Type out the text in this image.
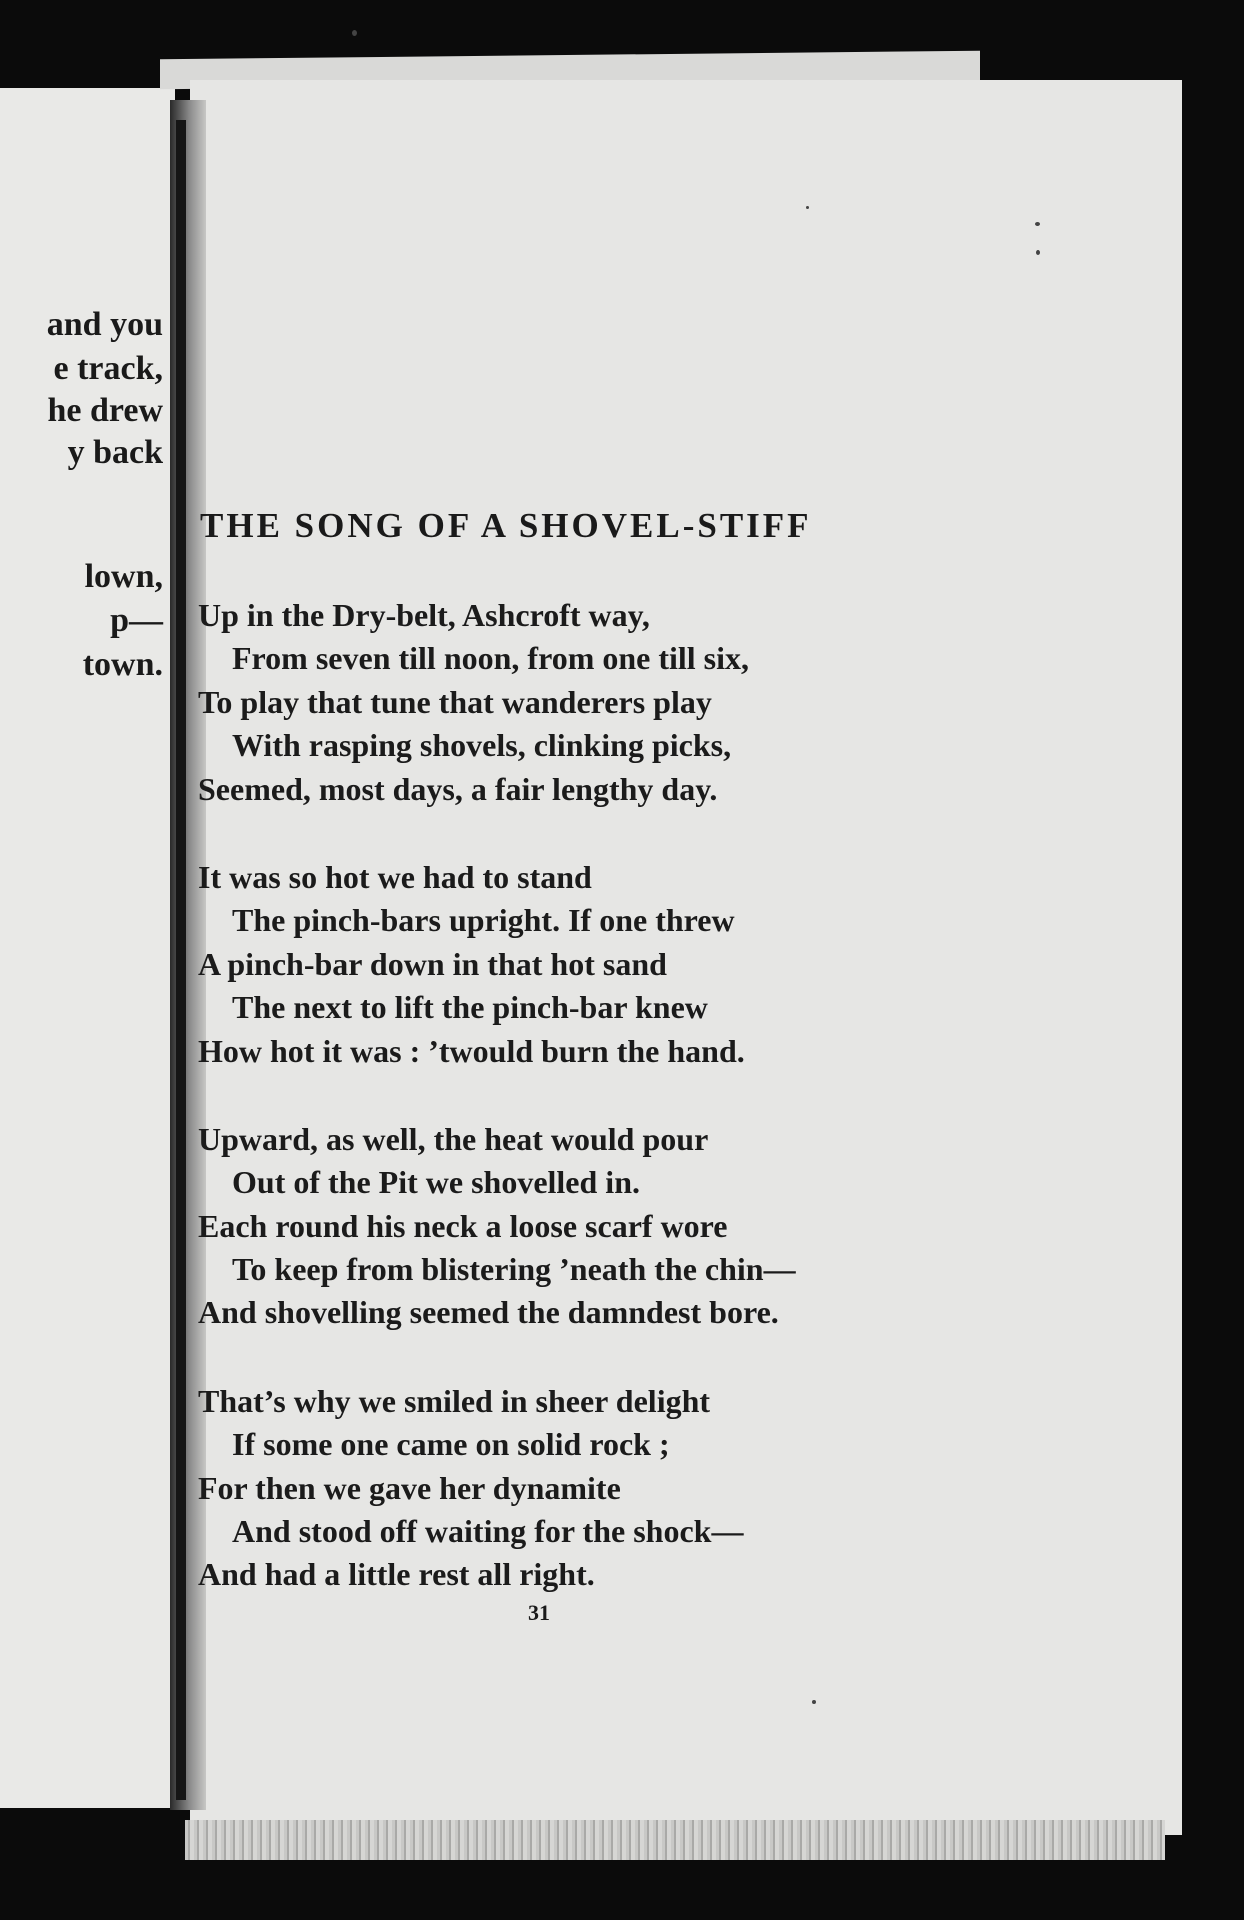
and you
e track,
he drew
y back
lown,
p—
town.
THE SONG OF A SHOVEL-STIFF
Up in the Dry-belt, Ashcroft way,
From seven till noon, from one till six,
To play that tune that wanderers play
With rasping shovels, clinking picks,
Seemed, most days, a fair lengthy day.
It was so hot we had to stand
The pinch-bars upright. If one threw
A pinch-bar down in that hot sand
The next to lift the pinch-bar knew
How hot it was : ’twould burn the hand.
Upward, as well, the heat would pour
Out of the Pit we shovelled in.
Each round his neck a loose scarf wore
To keep from blistering ’neath the chin—
And shovelling seemed the damndest bore.
That’s why we smiled in sheer delight
If some one came on solid rock ;
For then we gave her dynamite
And stood off waiting for the shock—
And had a little rest all right.
31
